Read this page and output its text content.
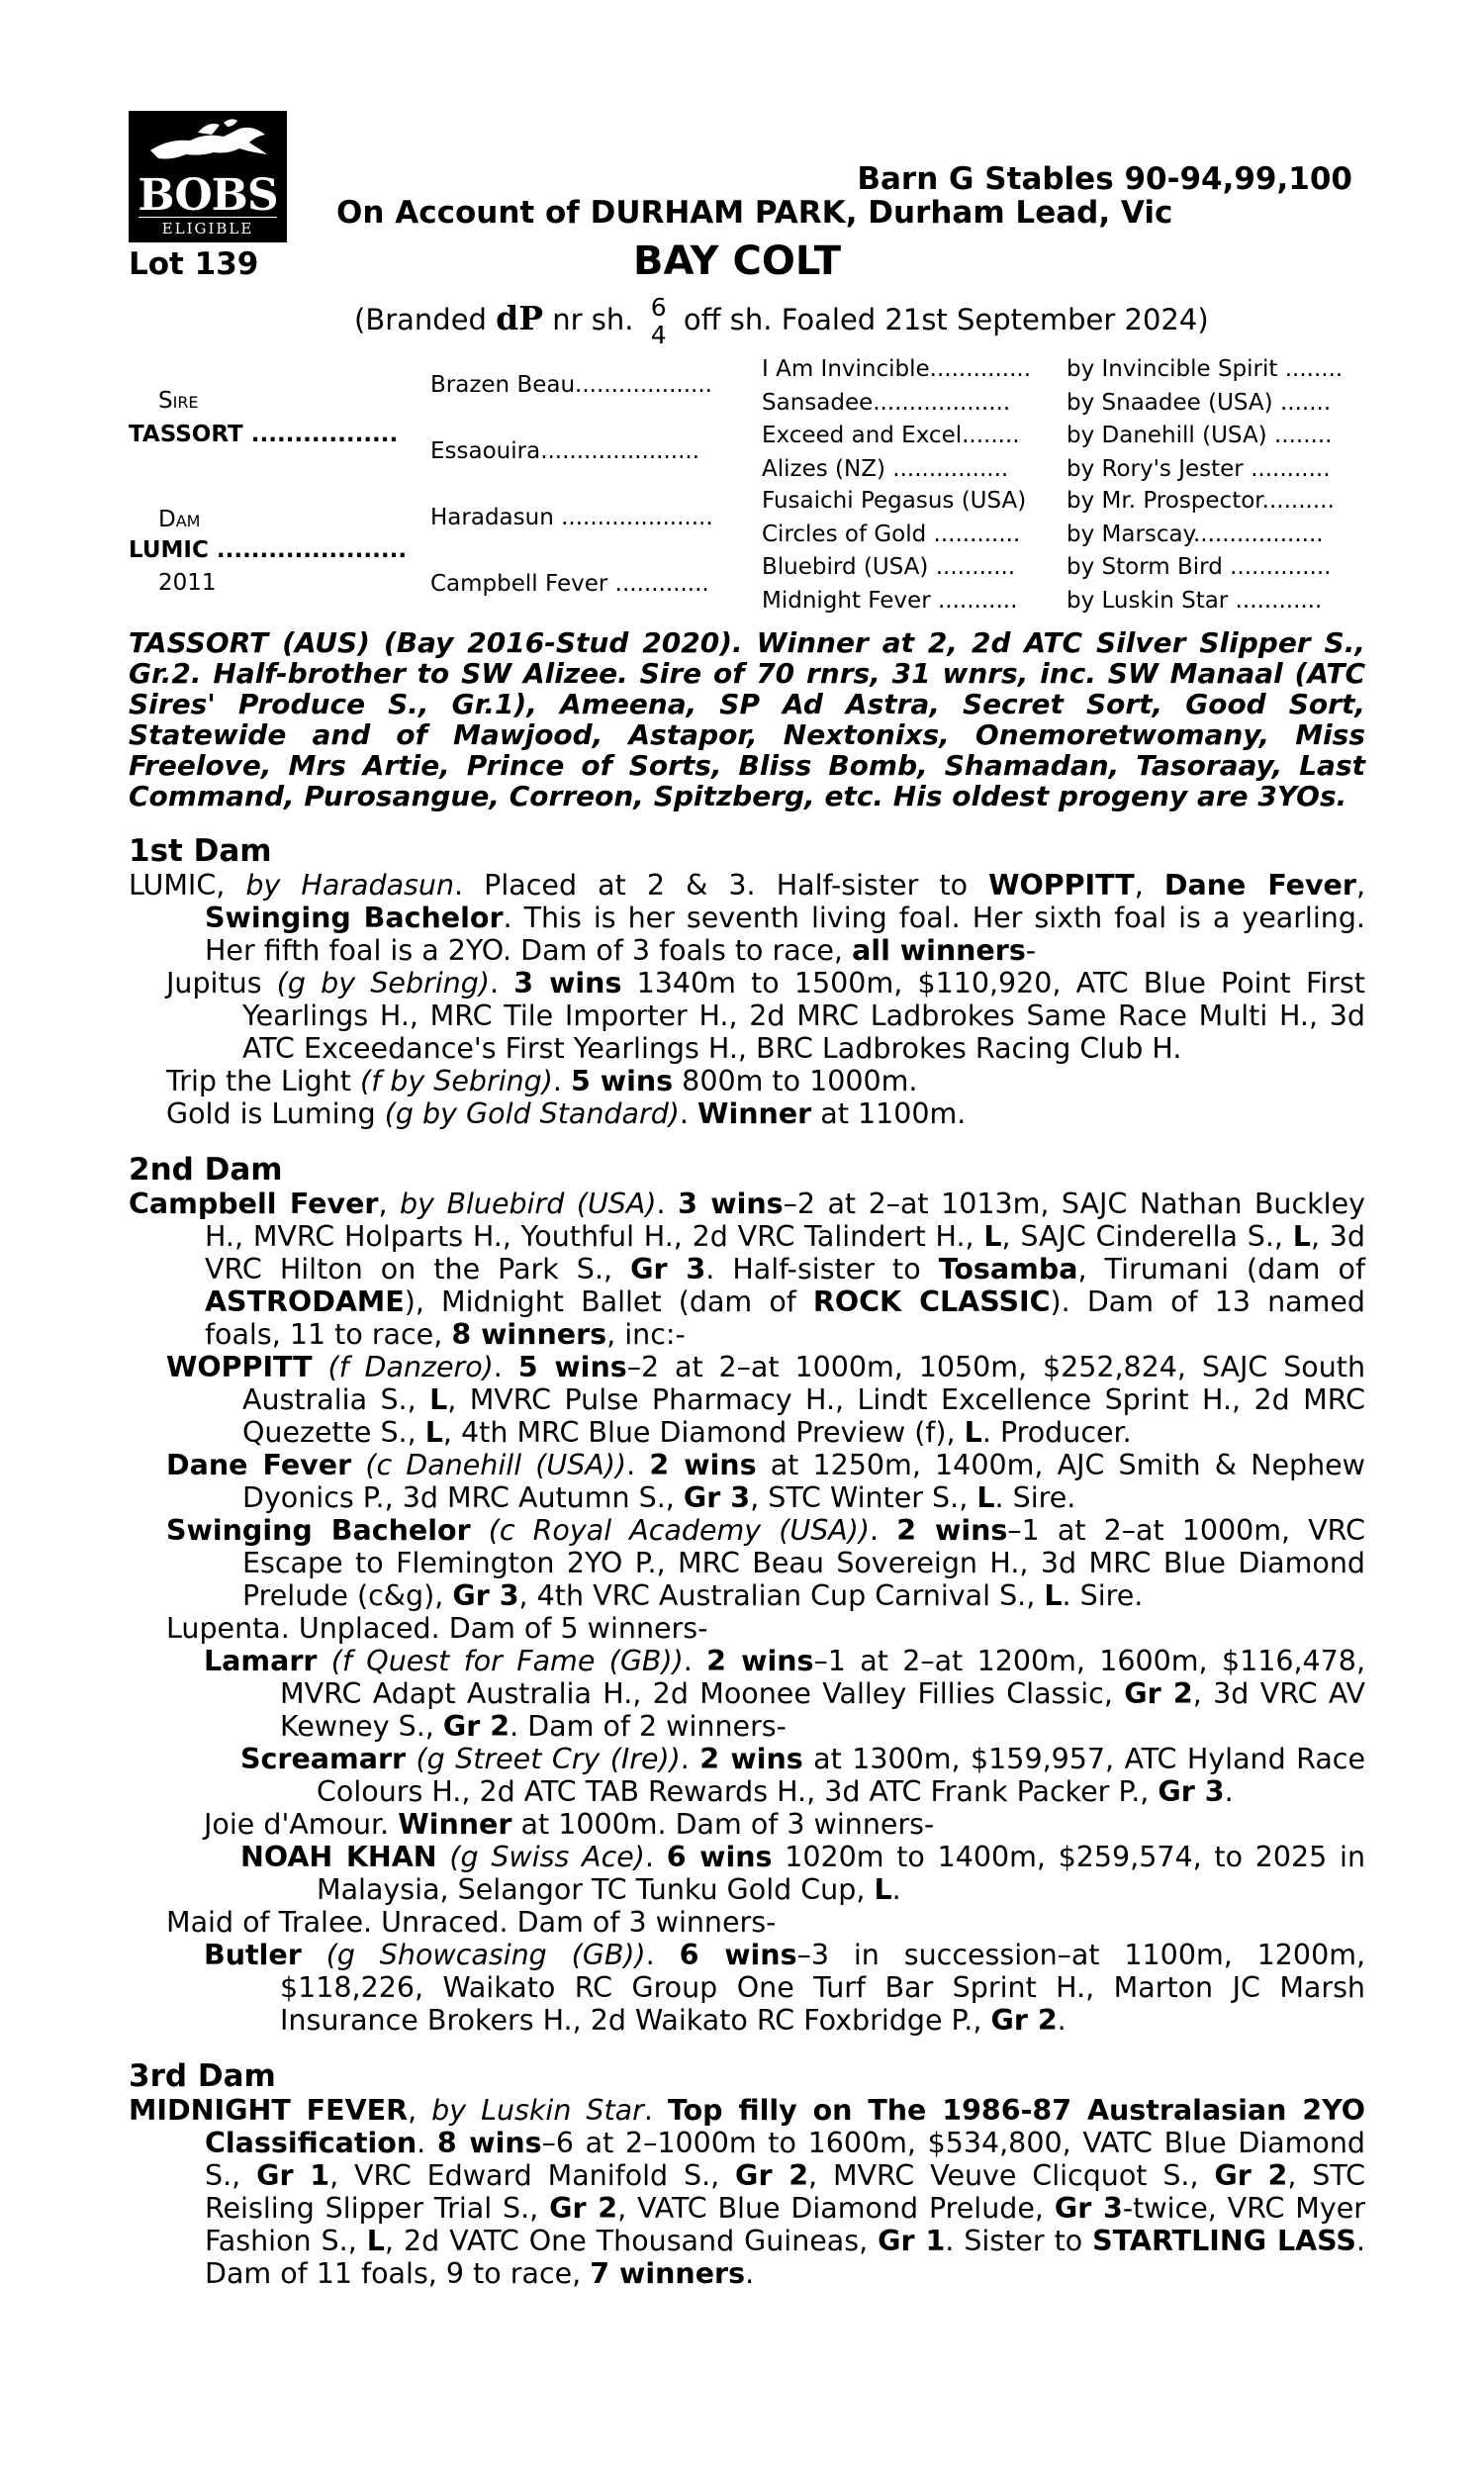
BOBS
ELIGIBLE
Barn G Stables 90-94,99,100
On Account of DURHAM PARK, Durham Lead, Vic
Lot 139	BAY COLT
(Branded dP nr sh. 6
4 off sh. Foaled 21st September 2024)
Sire
TASSORT .................
Dam
LUMIC ......................
2011
Brazen Beau...................
Essaouira......................
Haradasun .....................
Campbell Fever .............
I Am Invincible..............
Sansadee...................
Exceed and Excel........
Alizes (NZ) ................
Fusaichi Pegasus (USA)
Circles of Gold ............
Bluebird (USA) ...........
Midnight Fever ...........
by Invincible Spirit ........
by Snaadee (USA) .......
by Danehill (USA) ........
by Rory's Jester ...........
by Mr. Prospector..........
by Marscay..................
by Storm Bird ..............
by Luskin Star ............

TASSORT (AUS) (Bay 2016-Stud 2020). Winner at 2, 2d ATC Silver Slipper S., Gr.2. Half-brother to SW Alizee. Sire of 70 rnrs, 31 wnrs, inc. SW Manaal (ATC Sires' Produce S., Gr.1), Ameena, SP Ad Astra, Secret Sort, Good Sort, Statewide and of Mawjood, Astapor, Nextonixs, Onemoretwomany, Miss Freelove, Mrs Artie, Prince of Sorts, Bliss Bomb, Shamadan, Tasoraay, Last Command, Purosangue, Correon, Spitzberg, etc. His oldest progeny are 3YOs.

1st Dam

LUMIC, by Haradasun. Placed at 2 & 3. Half-sister to WOPPITT, Dane Fever, Swinging Bachelor. This is her seventh living foal. Her sixth foal is a yearling. Her fifth foal is a 2YO. Dam of 3 foals to race, all winners-

Jupitus (g by Sebring). 3 wins 1340m to 1500m, $110,920, ATC Blue Point First Yearlings H., MRC Tile Importer H., 2d MRC Ladbrokes Same Race Multi H., 3d ATC Exceedance's First Yearlings H., BRC Ladbrokes Racing Club H.

Trip the Light (f by Sebring). 5 wins 800m to 1000m.

Gold is Luming (g by Gold Standard). Winner at 1100m.

2nd Dam

Campbell Fever, by Bluebird (USA). 3 wins–2 at 2–at 1013m, SAJC Nathan Buckley H., MVRC Holparts H., Youthful H., 2d VRC Talindert H., L, SAJC Cinderella S., L, 3d VRC Hilton on the Park S., Gr 3. Half-sister to Tosamba, Tirumani (dam of ASTRODAME), Midnight Ballet (dam of ROCK CLASSIC). Dam of 13 named foals, 11 to race, 8 winners, inc:-

WOPPITT (f Danzero). 5 wins–2 at 2–at 1000m, 1050m, $252,824, SAJC South Australia S., L, MVRC Pulse Pharmacy H., Lindt Excellence Sprint H., 2d MRC Quezette S., L, 4th MRC Blue Diamond Preview (f), L. Producer.

Dane Fever (c Danehill (USA)). 2 wins at 1250m, 1400m, AJC Smith & Nephew Dyonics P., 3d MRC Autumn S., Gr 3, STC Winter S., L. Sire.

Swinging Bachelor (c Royal Academy (USA)). 2 wins–1 at 2–at 1000m, VRC Escape to Flemington 2YO P., MRC Beau Sovereign H., 3d MRC Blue Diamond Prelude (c&g), Gr 3, 4th VRC Australian Cup Carnival S., L. Sire.

Lupenta. Unplaced. Dam of 5 winners-

Lamarr (f Quest for Fame (GB)). 2 wins–1 at 2–at 1200m, 1600m, $116,478, MVRC Adapt Australia H., 2d Moonee Valley Fillies Classic, Gr 2, 3d VRC AV Kewney S., Gr 2. Dam of 2 winners-

Screamarr (g Street Cry (Ire)). 2 wins at 1300m, $159,957, ATC Hyland Race Colours H., 2d ATC TAB Rewards H., 3d ATC Frank Packer P., Gr 3.

Joie d'Amour. Winner at 1000m. Dam of 3 winners-

NOAH KHAN (g Swiss Ace). 6 wins 1020m to 1400m, $259,574, to 2025 in Malaysia, Selangor TC Tunku Gold Cup, L.

Maid of Tralee. Unraced. Dam of 3 winners-

Butler (g Showcasing (GB)). 6 wins–3 in succession–at 1100m, 1200m, $118,226, Waikato RC Group One Turf Bar Sprint H., Marton JC Marsh Insurance Brokers H., 2d Waikato RC Foxbridge P., Gr 2.

3rd Dam

MIDNIGHT FEVER, by Luskin Star. Top filly on The 1986-87 Australasian 2YO Classification. 8 wins–6 at 2–1000m to 1600m, $534,800, VATC Blue Diamond S., Gr 1, VRC Edward Manifold S., Gr 2, MVRC Veuve Clicquot S., Gr 2, STC Reisling Slipper Trial S., Gr 2, VATC Blue Diamond Prelude, Gr 3-twice, VRC Myer Fashion S., L, 2d VATC One Thousand Guineas, Gr 1. Sister to STARTLING LASS. Dam of 11 foals, 9 to race, 7 winners.
